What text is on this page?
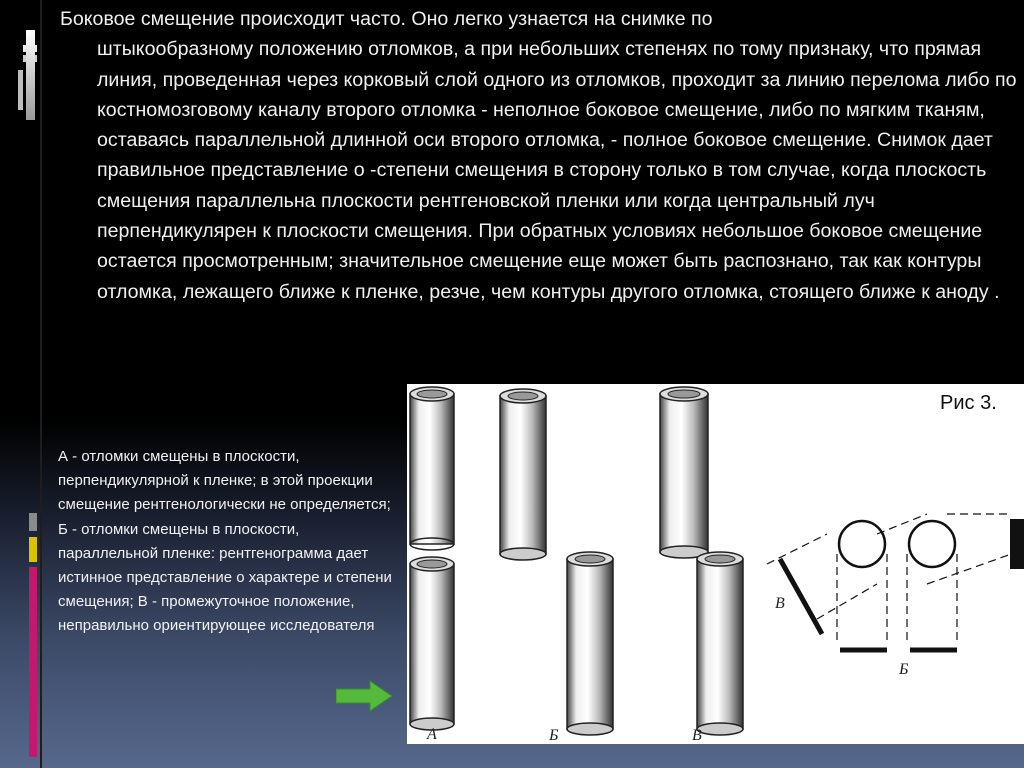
Боковое смещение происходит часто. Оно легко узнается на снимке по
штыкообразному положению отломков, а при небольших степенях по тому признаку, что прямая линия, проведенная через корковый слой одного из отломков, проходит за линию перелома либо по костномозговому каналу второго отломка - неполное боковое смещение, либо по мягким тканям, оставаясь параллельной длинной оси второго отломка, - полное боковое смещение. Снимок дает правильное представление о -степени смещения в сторону только в том случае, когда плоскость смещения параллельна плоскости рентгеновской пленки или когда центральный луч перпендикулярен к плоскости смещения. При обратных условиях небольшое боковое смещение остается просмотренным; значительное смещение еще может быть распознано, так как контуры отломка, лежащего ближе к пленке, резче, чем контуры другого отломка, стоящего ближе к аноду .

А - отломки смещены в плоскости, перпендикулярной к пленке; в этой проекции смещение рентгенологически не определяется; Б - отломки смещены в плоскости, параллельной пленке: рентгенограмма дает истинное представление о характере и степени смещения; В - промежуточное положение, неправильно ориентирующее исследователя

А	Б	В
В
Б

Рис 3.
